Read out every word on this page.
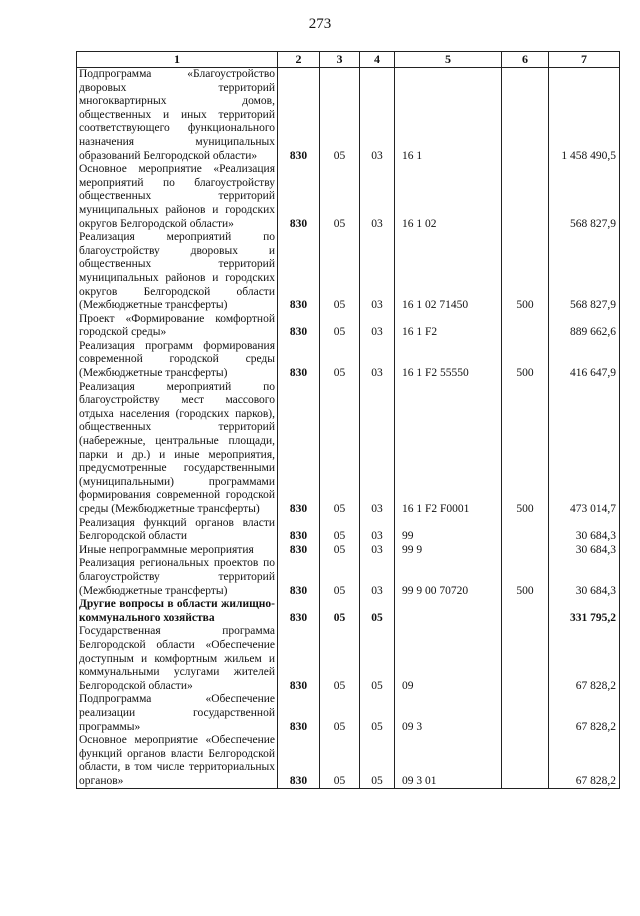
273
1	2	3	4	5	6	7
Подпрограмма «Благоустройство дворовых территорий многоквартирных домов, общественных и иных территорий соответствующего функционального назначения муниципальных образований Белгородской области»	830	05	03	16 1		1 458 490,5
Основное мероприятие «Реализация мероприятий по благоустройству общественных территорий муниципальных районов и городских округов Белгородской области»	830	05	03	16 1 02		568 827,9
Реализация мероприятий по благоустройству дворовых и общественных территорий муниципальных районов и городских округов Белгородской области (Межбюджетные трансферты)	830	05	03	16 1 02 71450	500	568 827,9
Проект «Формирование комфортной городской среды»	830	05	03	16 1 F2		889 662,6
Реализация программ формирования современной городской среды (Межбюджетные трансферты)	830	05	03	16 1 F2 55550	500	416 647,9
Реализация мероприятий по благоустройству мест массового отдыха населения (городских парков), общественных территорий (набережные, центральные площади, парки и др.) и иные мероприятия, предусмотренные государственными (муниципальными) программами формирования современной городской среды (Межбюджетные трансферты)	830	05	03	16 1 F2 F0001	500	473 014,7
Реализация функций органов власти Белгородской области	830	05	03	99		30 684,3
Иные непрограммные мероприятия	830	05	03	99 9		30 684,3
Реализация региональных проектов по благоустройству территорий (Межбюджетные трансферты)	830	05	03	99 9 00 70720	500	30 684,3
Другие вопросы в области жилищно-коммунального хозяйства	830	05	05			331 795,2
Государственная программа Белгородской области «Обеспечение доступным и комфортным жильем и коммунальными услугами жителей Белгородской области»	830	05	05	09		67 828,2
Подпрограмма «Обеспечение реализации государственной программы»	830	05	05	09 3		67 828,2
Основное мероприятие «Обеспечение функций органов власти Белгородской области, в том числе территориальных органов»	830	05	05	09 3 01		67 828,2
